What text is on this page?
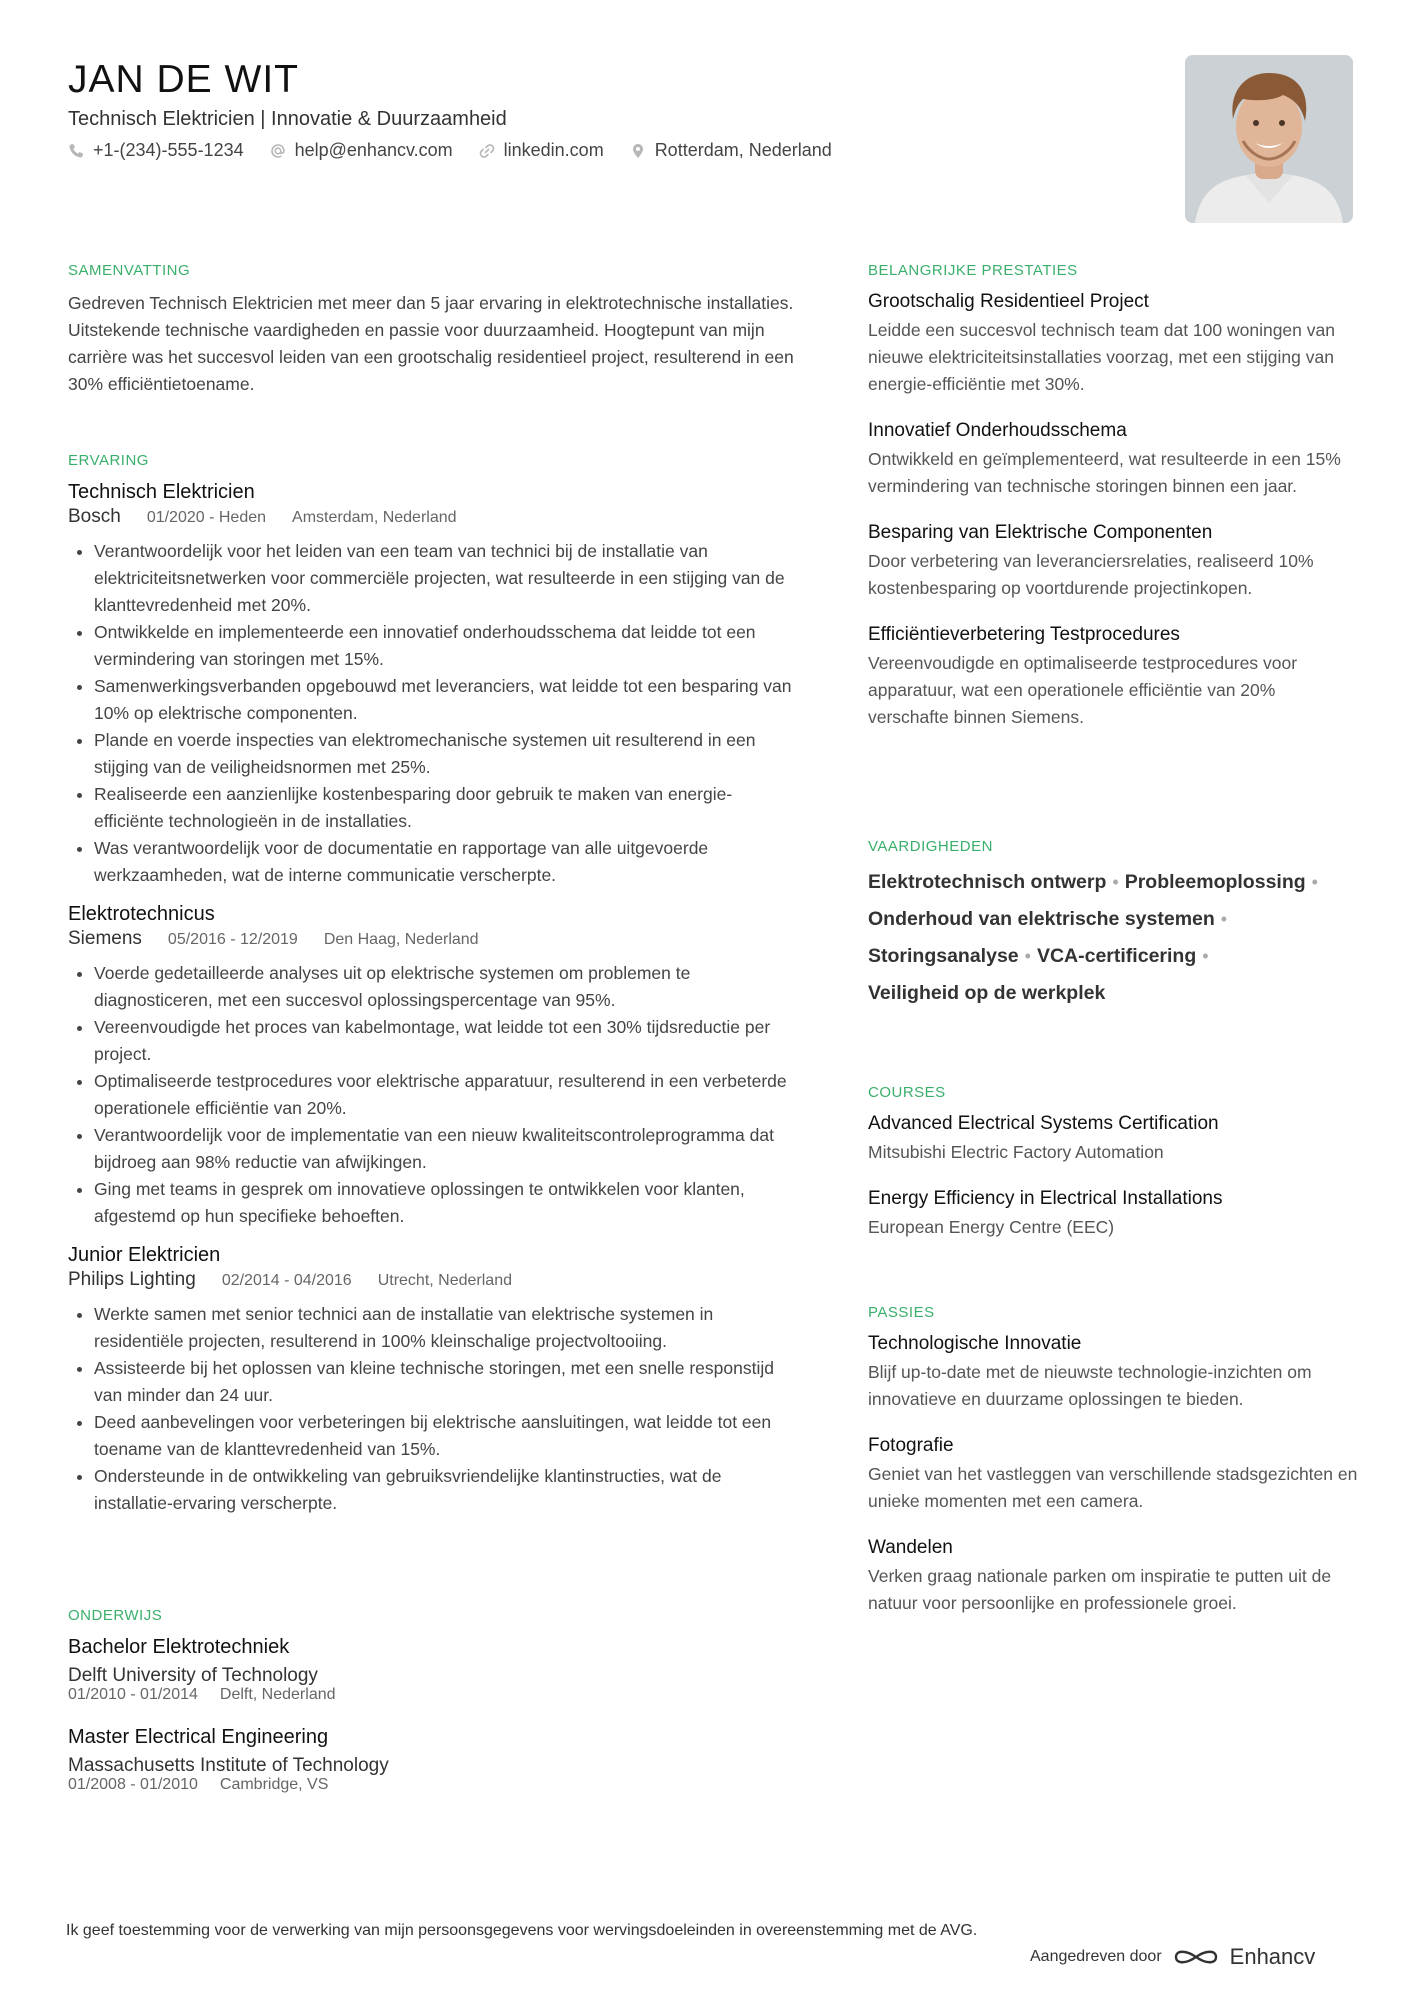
JAN DE WIT
Technisch Elektricien | Innovatie & Duurzaamheid
+1-(234)-555-1234	help@enhancv.com	linkedin.com	Rotterdam, Nederland
SAMENVATTING
Gedreven Technisch Elektricien met meer dan 5 jaar ervaring in elektrotechnische installaties. Uitstekende technische vaardigheden en passie voor duurzaamheid. Hoogtepunt van mijn carrière was het succesvol leiden van een grootschalig residentieel project, resulterend in een 30% efficiëntietoename.
ERVARING
Technisch Elektricien
Bosch 01/2020 - Heden Amsterdam, Nederland
• Verantwoordelijk voor het leiden van een team van technici bij de installatie van elektriciteitsnetwerken voor commerciële projecten, wat resulteerde in een stijging van de klanttevredenheid met 20%.
• Ontwikkelde en implementeerde een innovatief onderhoudsschema dat leidde tot een vermindering van storingen met 15%.
• Samenwerkingsverbanden opgebouwd met leveranciers, wat leidde tot een besparing van 10% op elektrische componenten.
• Plande en voerde inspecties van elektromechanische systemen uit resulterend in een stijging van de veiligheidsnormen met 25%.
• Realiseerde een aanzienlijke kostenbesparing door gebruik te maken van energie-efficiënte technologieën in de installaties.
• Was verantwoordelijk voor de documentatie en rapportage van alle uitgevoerde werkzaamheden, wat de interne communicatie verscherpte.
Elektrotechnicus
Siemens 05/2016 - 12/2019 Den Haag, Nederland
• Voerde gedetailleerde analyses uit op elektrische systemen om problemen te diagnosticeren, met een succesvol oplossingspercentage van 95%.
• Vereenvoudigde het proces van kabelmontage, wat leidde tot een 30% tijdsreductie per project.
• Optimaliseerde testprocedures voor elektrische apparatuur, resulterend in een verbeterde operationele efficiëntie van 20%.
• Verantwoordelijk voor de implementatie van een nieuw kwaliteitscontroleprogramma dat bijdroeg aan 98% reductie van afwijkingen.
• Ging met teams in gesprek om innovatieve oplossingen te ontwikkelen voor klanten, afgestemd op hun specifieke behoeften.
Junior Elektricien
Philips Lighting 02/2014 - 04/2016 Utrecht, Nederland
• Werkte samen met senior technici aan de installatie van elektrische systemen in residentiële projecten, resulterend in 100% kleinschalige projectvoltooiing.
• Assisteerde bij het oplossen van kleine technische storingen, met een snelle responstijd van minder dan 24 uur.
• Deed aanbevelingen voor verbeteringen bij elektrische aansluitingen, wat leidde tot een toename van de klanttevredenheid van 15%.
• Ondersteunde in de ontwikkeling van gebruiksvriendelijke klantinstructies, wat de installatie-ervaring verscherpte.
ONDERWIJS
Bachelor Elektrotechniek
Delft University of Technology
01/2010 - 01/2014 Delft, Nederland
Master Electrical Engineering
Massachusetts Institute of Technology
01/2008 - 01/2010 Cambridge, VS
BELANGRIJKE PRESTATIES
Grootschalig Residentieel Project
Leidde een succesvol technisch team dat 100 woningen van nieuwe elektriciteitsinstallaties voorzag, met een stijging van energie-efficiëntie met 30%.
Innovatief Onderhoudsschema
Ontwikkeld en geïmplementeerd, wat resulteerde in een 15% vermindering van technische storingen binnen een jaar.
Besparing van Elektrische Componenten
Door verbetering van leveranciersrelaties, realiseerd 10% kostenbesparing op voortdurende projectinkopen.
Efficiëntieverbetering Testprocedures
Vereenvoudigde en optimaliseerde testprocedures voor apparatuur, wat een operationele efficiëntie van 20% verschafte binnen Siemens.
VAARDIGHEDEN
Elektrotechnisch ontwerp • Probleemoplossing •
Onderhoud van elektrische systemen •
Storingsanalyse • VCA-certificering •
Veiligheid op de werkplek
COURSES
Advanced Electrical Systems Certification
Mitsubishi Electric Factory Automation
Energy Efficiency in Electrical Installations
European Energy Centre (EEC)
PASSIES
Technologische Innovatie
Blijf up-to-date met de nieuwste technologie-inzichten om innovatieve en duurzame oplossingen te bieden.
Fotografie
Geniet van het vastleggen van verschillende stadsgezichten en unieke momenten met een camera.
Wandelen
Verken graag nationale parken om inspiratie te putten uit de natuur voor persoonlijke en professionele groei.
Ik geef toestemming voor de verwerking van mijn persoonsgegevens voor wervingsdoeleinden in overeenstemming met de AVG.
Aangedreven door	Enhancv
